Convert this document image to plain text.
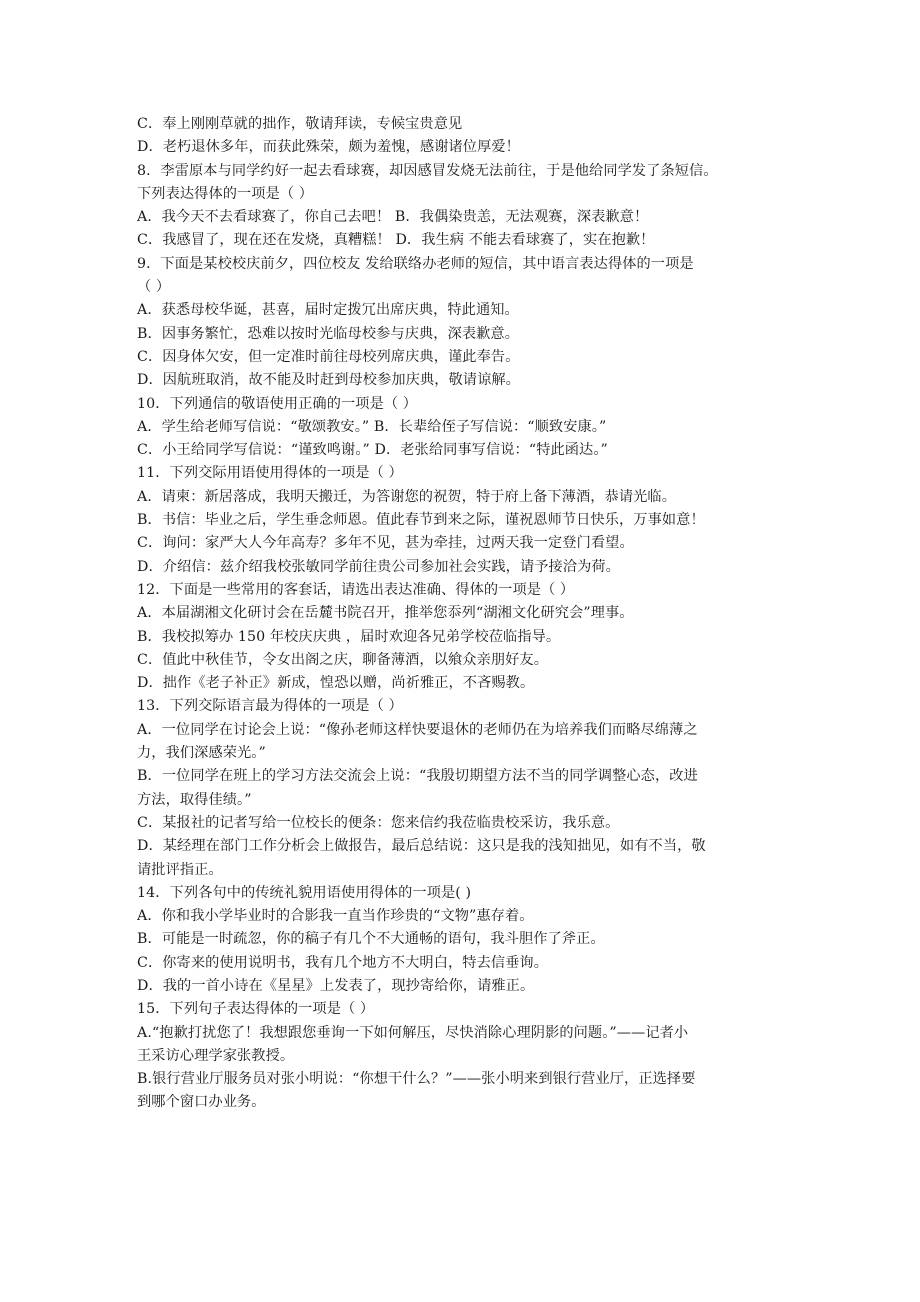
C．奉上刚刚草就的拙作，敬请拜读，专候宝贵意见
D．老朽退休多年，而获此殊荣，颇为羞愧，感谢诸位厚爱！
8．李雷原本与同学约好一起去看球赛，却因感冒发烧无法前往，于是他给同学发了条短信。
下列表达得体的一项是（ ）
A．我今天不去看球赛了，你自己去吧！ B．我偶染贵恙，无法观赛，深表歉意！
C．我感冒了，现在还在发烧，真糟糕！ D．我生病 不能去看球赛了，实在抱歉！
9．下面是某校校庆前夕，四位校友 发给联络办老师的短信，其中语言表达得体的一项是
（ ）
A．获悉母校华诞，甚喜，届时定拨冗出席庆典，特此通知。
B．因事务繁忙，恐难以按时光临母校参与庆典，深表歉意。
C．因身体欠安，但一定准时前往母校列席庆典，谨此奉告。
D．因航班取消，故不能及时赶到母校参加庆典，敬请谅解。
10．下列通信的敬语使用正确的一项是（ ）
A．学生给老师写信说：“敬颂教安。” B．长辈给侄子写信说：“顺致安康。”
C．小王给同学写信说：“谨致鸣谢。” D．老张给同事写信说：“特此函达。”
11．下列交际用语使用得体的一项是（ ）
A．请柬：新居落成，我明天搬迁，为答谢您的祝贺，特于府上备下薄酒，恭请光临。
B．书信：毕业之后，学生垂念师恩。值此春节到来之际，谨祝恩师节日快乐，万事如意！
C．询问：家严大人今年高寿？多年不见，甚为牵挂，过两天我一定登门看望。
D．介绍信：兹介绍我校张敏同学前往贵公司参加社会实践，请予接洽为荷。
12．下面是一些常用的客套话，请选出表达准确、得体的一项是（ ）
A．本届湖湘文化研讨会在岳麓书院召开，推举您忝列“湖湘文化研究会”理事。
B．我校拟筹办 150 年校庆庆典 ，届时欢迎各兄弟学校莅临指导。
C．值此中秋佳节，令女出阁之庆，聊备薄酒，以飨众亲朋好友。
D．拙作《老子补正》新成，惶恐以赠，尚祈雅正，不吝赐教。
13．下列交际语言最为得体的一项是（ ）
A．一位同学在讨论会上说：“像孙老师这样快要退休的老师仍在为培养我们而略尽绵薄之
力，我们深感荣光。”
B．一位同学在班上的学习方法交流会上说：“我殷切期望方法不当的同学调整心态，改进
方法，取得佳绩。”
C．某报社的记者写给一位校长的便条：您来信约我莅临贵校采访，我乐意。
D．某经理在部门工作分析会上做报告，最后总结说：这只是我的浅知拙见，如有不当，敬
请批评指正。
14．下列各句中的传统礼貌用语使用得体的一项是( )
A．你和我小学毕业时的合影我一直当作珍贵的“文物”惠存着。
B．可能是一时疏忽，你的稿子有几个不大通畅的语句，我斗胆作了斧正。
C．你寄来的使用说明书，我有几个地方不大明白，特去信垂询。
D．我的一首小诗在《星星》上发表了，现抄寄给你，请雅正。
15．下列句子表达得体的一项是（ ）
A.“抱歉打扰您了！我想跟您垂询一下如何解压，尽快消除心理阴影的问题。”——记者小
王采访心理学家张教授。
B.银行营业厅服务员对张小明说：“你想干什么？”——张小明来到银行营业厅，正选择要
到哪个窗口办业务。
